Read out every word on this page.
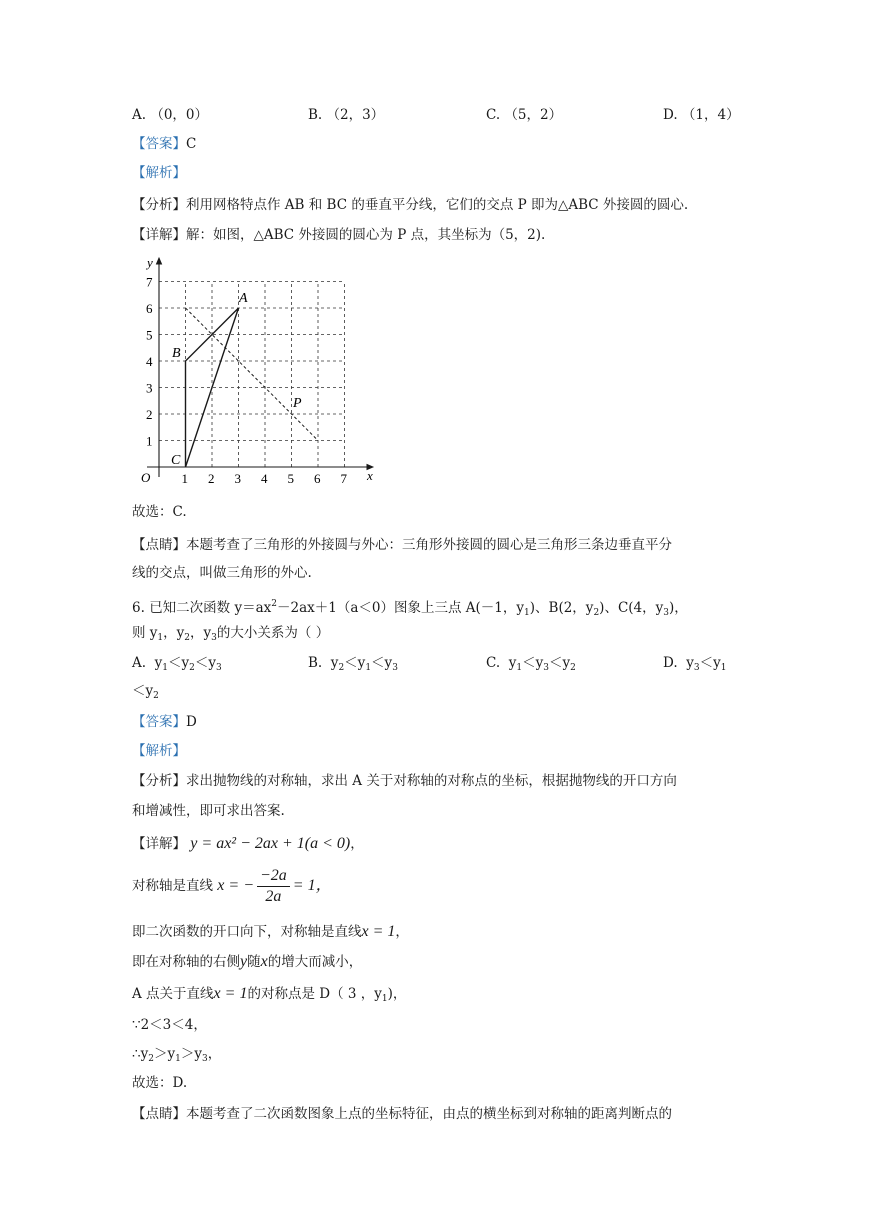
A. （0，0）	B. （2，3）	C. （5，2）	D. （1，4）
【答案】C
【解析】
【分析】利用网格特点作 AB 和 BC 的垂直平分线，它们的交点 P 即为△ABC 外接圆的圆心.
【详解】解：如图，△ABC 外接圆的圆心为 P 点，其坐标为（5，2).
1 2 3 4 5 6 7
1
2
3
4
5
6
7
x
y
O
A
B
C
P
故选：C.
【点睛】本题考查了三角形的外接圆与外心：三角形外接圆的圆心是三角形三条边垂直平分
线的交点，叫做三角形的外心.
6. 已知二次函数 $y=ax^2-2ax+1(a<0)$图象上三点 A(－1，$y_1$)、B(2，$y_2$)、C(4，$y_3$)，
则 $y_1$，$y_2$，$y_3$的大小关系为（ ）
A.  $y_1<y_2<y_3$	B.  $y_2<y_1<y_3$	C.  $y_1<y_3<y_2$	D.  $y_3<y_1$
$<y_2$
【答案】D
【解析】
【分析】求出抛物线的对称轴，求出 A 关于对称轴的对称点的坐标，根据抛物线的开口方向
和增减性，即可求出答案.
【详解】 y = ax² − 2ax + 1(a < 0)，
对称轴是直线 x = − $\frac{-2a}{2a} = 1$，
即二次函数的开口向下，对称轴是直线x = 1，
即在对称轴的右侧y随x的增大而减小，
A 点关于直线x = 1的对称点是 D（ 3 ，$y_1$)，
∵2＜3＜4，
$\therefore y_2>y_1>y_3$，
故选：D.
【点睛】本题考查了二次函数图象上点的坐标特征，由点的横坐标到对称轴的距离判断点的
